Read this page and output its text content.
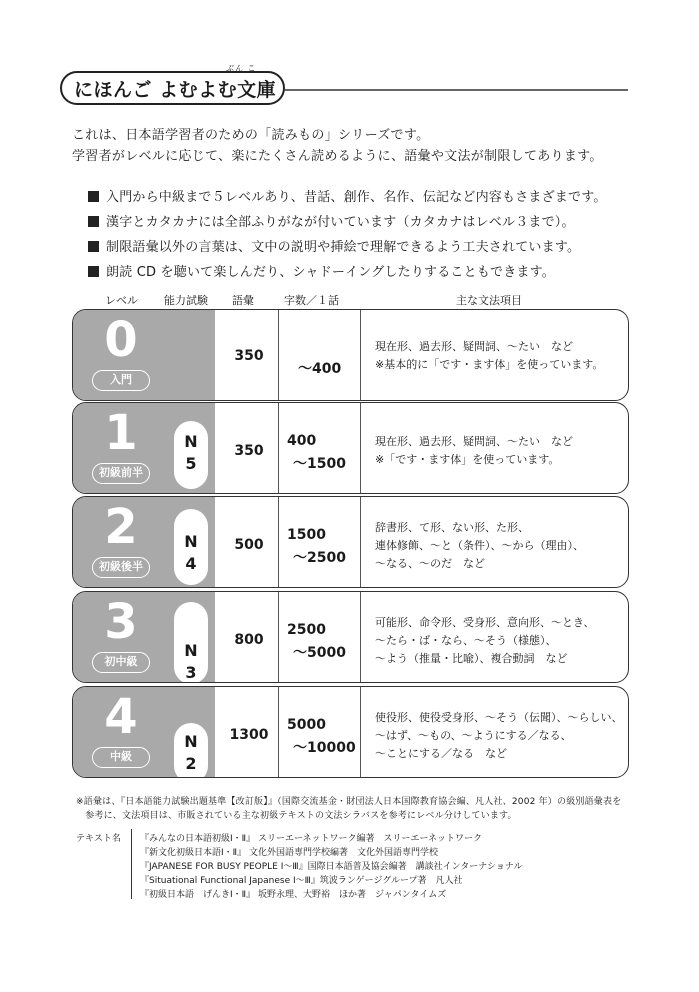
にほんご よむよむ文庫
ぶん こ
これは、日本語学習者のための「読みもの」シリーズです。
学習者がレベルに応じて、楽にたくさん読めるように、語彙や文法が制限してあります。
入門から中級まで５レベルあり、昔話、創作、名作、伝記など内容もさまざまです。
漢字とカタカナには全部ふりがなが付いています（カタカナはレベル３まで）。
制限語彙以外の言葉は、文中の説明や挿絵で理解できるよう工夫されています。
朗読 CD を聴いて楽しんだり、シャドーイングしたりすることもできます。
レベル 能力試験 語彙	字数／１話	主な文法項目
0
入門
350
～400
現在形、過去形、疑問詞、～たい　など
※基本的に「です・ます体」を使っています。
1
初級前半
N
5
350
400
～1500
現在形、過去形、疑問詞、～たい　など
※「です・ます体」を使っています。
2
初級後半
N
4
500
1500
～2500
辞書形、て形、ない形、た形、
連体修飾、～と（条件）、～から（理由）、
～なる、～のだ　など
3
初中級
N
3
800
2500
～5000
可能形、命令形、受身形、意向形、～とき、
～たら・ば・なら、～そう（様態）、
～よう（推量・比喩）、複合動詞　など
4
中級
N
2
1300
5000
～10000
使役形、使役受身形、～そう（伝聞）、～らしい、
～はず、～もの、～ようにする／なる、
～ことにする／なる　など
※語彙は、『日本語能力試験出題基準【改訂版】』（国際交流基金・財団法人日本国際教育協会編、凡人社、2002 年）の級別語彙表を
　参考に、文法項目は、市販されている主な初級テキストの文法シラバスを参考にレベル分けしています。
テキスト名 『みんなの日本語初級Ⅰ・Ⅱ』 スリーエーネットワーク編著　スリーエーネットワーク
『新文化初級日本語Ⅰ・Ⅱ』 文化外国語専門学校編著　文化外国語専門学校
『JAPANESE FOR BUSY PEOPLE Ⅰ～Ⅲ』国際日本語普及協会編著　講談社インターナショナル
『Situational Functional Japanese Ⅰ～Ⅲ』筑波ランゲージグループ著　凡人社
『初級日本語　げんきⅠ・Ⅱ』 坂野永理、大野裕　ほか著　ジャパンタイムズ
